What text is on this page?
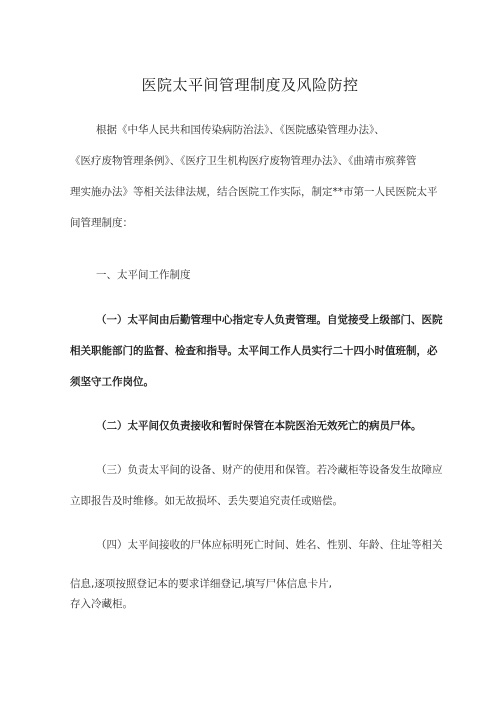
医院太平间管理制度及风险防控
根据《中华人民共和国传染病防治法》、《医院感染管理办法》、
《医疗废物管理条例》、《医疗卫生机构医疗废物管理办法》、《曲靖市殡葬管
理实施办法》等相关法律法规，结合医院工作实际，制定**市第一人民医院太平
间管理制度：
一、太平间工作制度
（一）太平间由后勤管理中心指定专人负责管理。自觉接受上级部门、医院
相关职能部门的监督、检查和指导。太平间工作人员实行二十四小时值班制，必
须坚守工作岗位。
（二）太平间仅负责接收和暂时保管在本院医治无效死亡的病员尸体。
（三）负责太平间的设备、财产的使用和保管。若冷藏柜等设备发生故障应
立即报告及时维修。如无故损坏、丢失要追究责任或赔偿。
（四）太平间接收的尸体应标明死亡时间、姓名、性别、年龄、住址等相关
信息,逐项按照登记本的要求详细登记,填写尸体信息卡片,
存入冷藏柜。
